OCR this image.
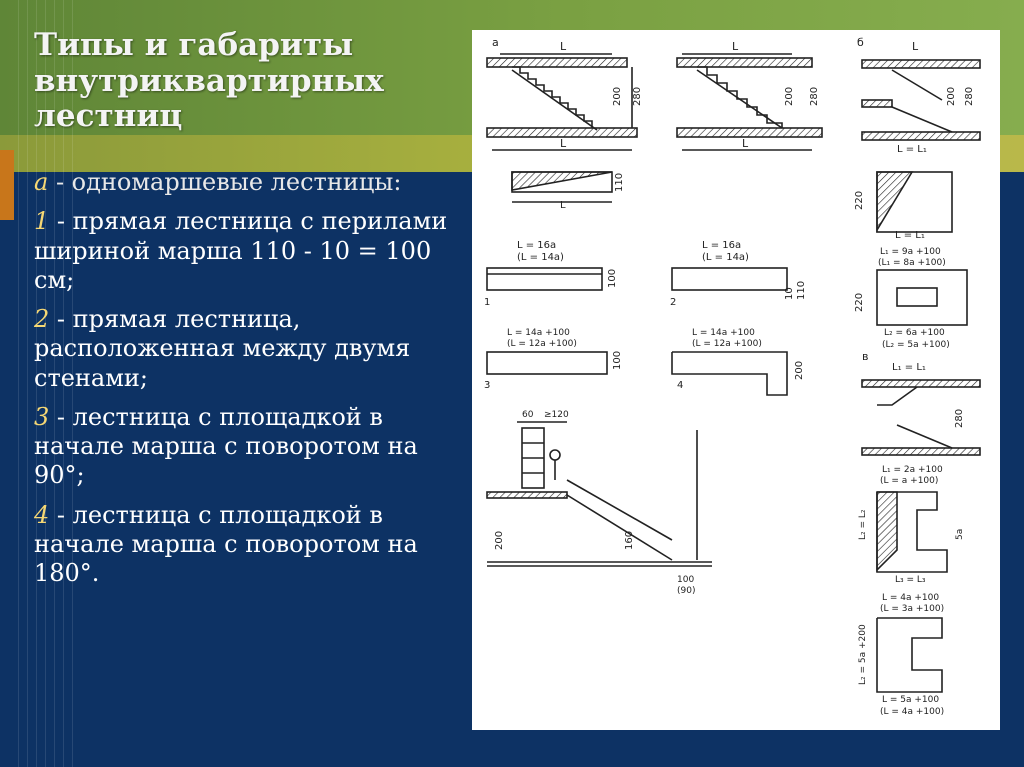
Типы и габариты внутриквартирных лестниц

а - одномаршевые лестницы:

1 - прямая лестница с перилами шириной марша 110 - 10 = 100 см;

2 - прямая лестница, расположенная между двумя стенами;

3 - лестница с площадкой в начале марша с поворотом на 90°;

4 - лестница с площадкой в начале марша с поворотом на 180°.

а	L
200 280
L
L
110
L
200 280
L
б	L
200 280
L = L₁
220
L = L₁
L = 16a
(L = 14a)
100
1
L = 16a
(L = 14a)
10 110
2
L₁ = 9a +100
(L₁ = 8a +100)
220
L₂ = 6a +100
(L₂ = 5a +100)
L = 14a +100
(L = 12a +100)
100
3
L = 14a +100
(L = 12a +100)
200
4
в
L₁ = L₁
280
L₁ = 2a +100
(L = a +100)
L₂ = L₂	5a
L₃ = L₃
L = 4a +100
(L = 3a +100)
L₂ = 5a +200
L = 5a +100
(L = 4a +100)
60 ≥120
200	160
100
(90)
